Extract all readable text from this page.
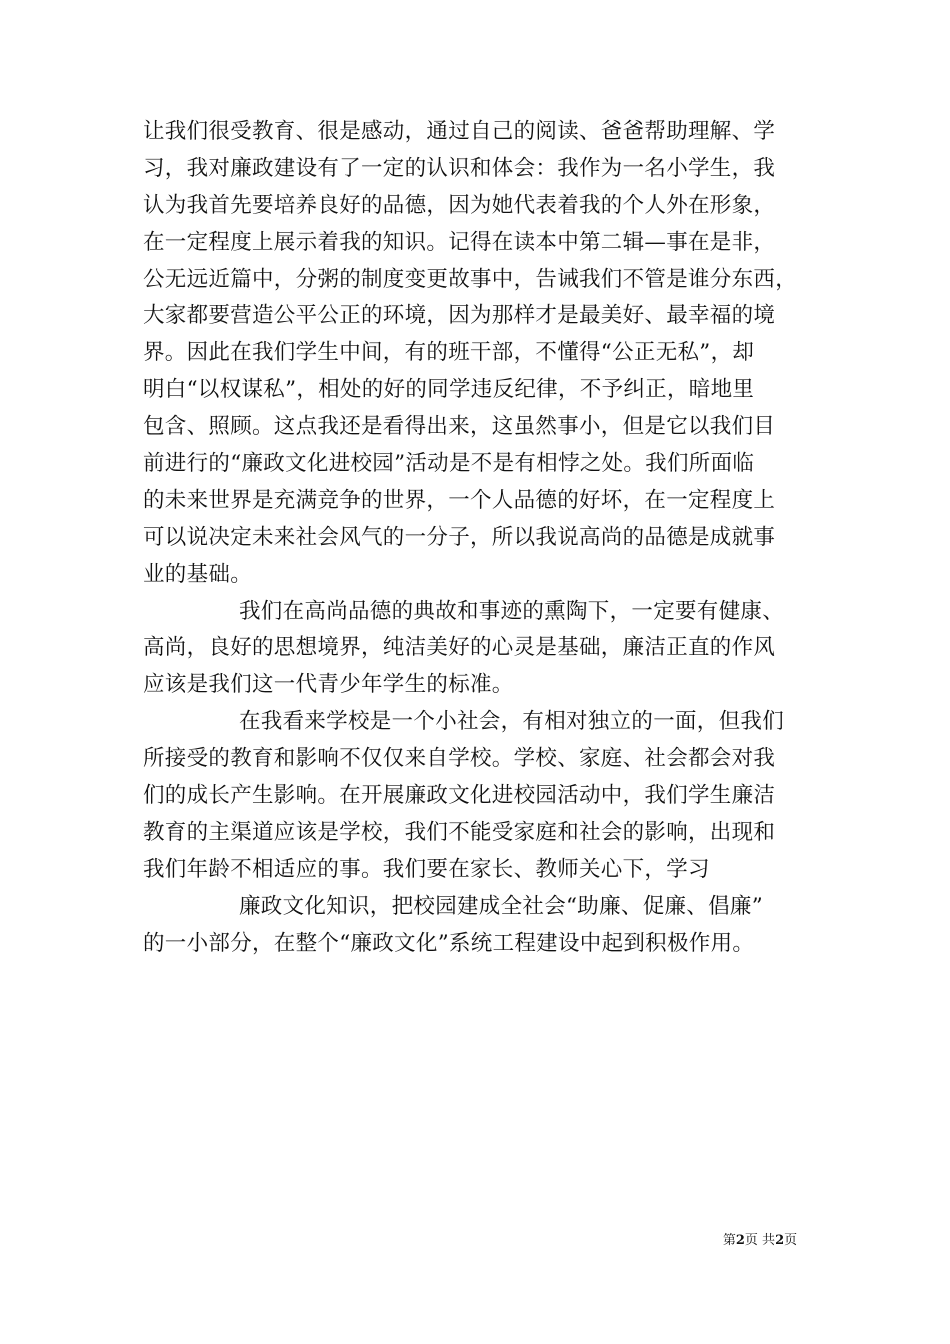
让我们很受教育、很是感动，通过自己的阅读、爸爸帮助理解、学
习，我对廉政建设有了一定的认识和体会：我作为一名小学生，我
认为我首先要培养良好的品德，因为她代表着我的个人外在形象，
在一定程度上展示着我的知识。记得在读本中第二辑—事在是非，
公无远近篇中，分粥的制度变更故事中，告诫我们不管是谁分东西，
大家都要营造公平公正的环境，因为那样才是最美好、最幸福的境
界。因此在我们学生中间，有的班干部，不懂得“公正无私”，却
明白“以权谋私”，相处的好的同学违反纪律，不予纠正，暗地里
包含、照顾。这点我还是看得出来，这虽然事小，但是它以我们目
前进行的“廉政文化进校园”活动是不是有相悖之处。我们所面临
的未来世界是充满竞争的世界，一个人品德的好坏，在一定程度上
可以说决定未来社会风气的一分子，所以我说高尚的品德是成就事
业的基础。
我们在高尚品德的典故和事迹的熏陶下，一定要有健康、
高尚，良好的思想境界，纯洁美好的心灵是基础，廉洁正直的作风
应该是我们这一代青少年学生的标准。
在我看来学校是一个小社会，有相对独立的一面，但我们
所接受的教育和影响不仅仅来自学校。学校、家庭、社会都会对我
们的成长产生影响。在开展廉政文化进校园活动中，我们学生廉洁
教育的主渠道应该是学校，我们不能受家庭和社会的影响，出现和
我们年龄不相适应的事。我们要在家长、教师关心下，学习
廉政文化知识，把校园建成全社会“助廉、促廉、倡廉”
的一小部分，在整个“廉政文化”系统工程建设中起到积极作用。
第2页 共2页
